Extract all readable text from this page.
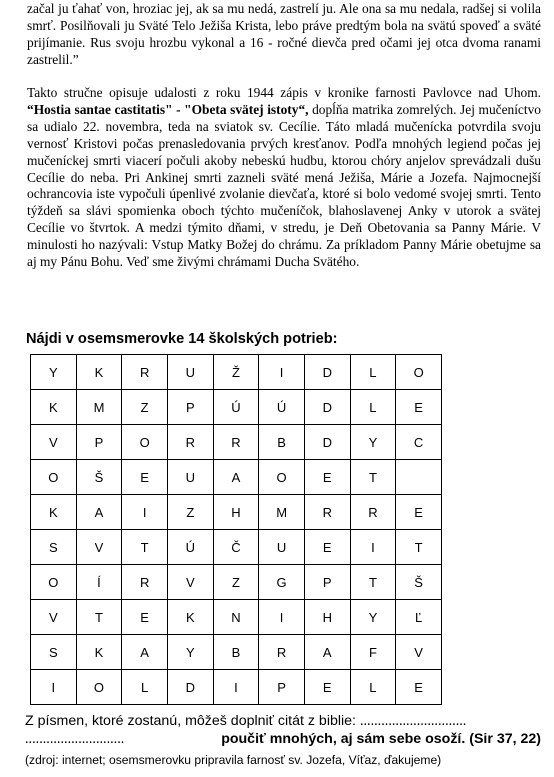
začal ju ťahať von, hroziac jej, ak sa mu nedá, zastrelí ju. Ale ona sa mu nedala, radšej si volila smrť. Posilňovali ju Sväté Telo Ježiša Krista, lebo práve predtým bola na svätú spoveď a sväté prijímanie. Rus svoju hrozbu vykonal a 16 - ročné dievča pred očami jej otca dvoma ranami zastrelil.”

Takto stručne opisuje udalosti z roku 1944 zápis v kronike farnosti Pavlovce nad Uhom. “Hostia santae castitatis" - "Obeta svätej istoty“, dopĺňa matrika zomrelých. Jej mučeníctvo sa udialo 22. novembra, teda na sviatok sv. Cecílie. Táto mladá mučenícka potvrdila svoju vernosť Kristovi počas prenasledovania prvých kresťanov. Podľa mnohých legiend počas jej mučeníckej smrti viacerí počuli akoby nebeskú hudbu, ktorou chóry anjelov sprevádzali dušu Cecílie do neba. Pri Ankinej smrti zazneli sväté mená Ježiša, Márie a Jozefa. Najmocnejší ochrancovia iste vypočuli úpenlivé zvolanie dievčaťa, ktoré si bolo vedomé svojej smrti. Tento týždeň sa slávi spomienka oboch týchto mučeníčok, blahoslavenej Anky v utorok a svätej Cecílie vo štvrtok. A medzi týmito dňami, v stredu, je Deň Obetovania sa Panny Márie. V minulosti ho nazývali: Vstup Matky Božej do chrámu. Za príkladom Panny Márie obetujme sa aj my Pánu Bohu. Veď sme živými chrámami Ducha Svätého.

Nájdi v osemsmerovke 14 školských potrieb:

Y	K	R	U	Ž	I	D	L	O
K	M	Z	P	Ú	Ú	D	L	E
V	P	O	R	R	B	D	Y	C
O	Š	E	U	A	O	E	T	
K	A	I	Z	H	M	R	R	E
S	V	T	Ú	Č	U	E	I	T
O	Í	R	V	Z	G	P	T	Š
V	T	E	K	N	I	H	Y	Ľ
S	K	A	Y	B	R	A	F	V
I	O	L	D	I	P	E	L	E

Z písmen, ktoré zostanú, môžeš doplniť citát z biblie: ..............................

............................	poučiť mnohých, aj sám sebe osoží. (Sir 37, 22)

(zdroj: internet; osemsmerovku pripravila farnosť sv. Jozefa, Víťaz, ďakujeme)
